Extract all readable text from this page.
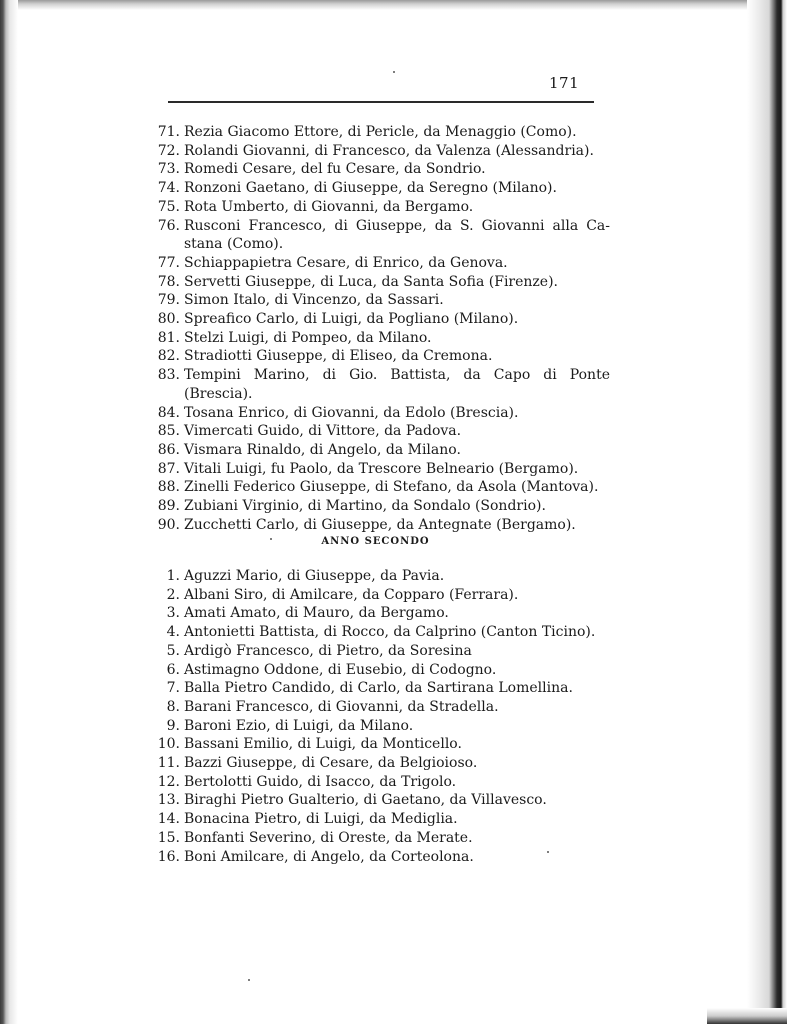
171
71. Rezia Giacomo Ettore, di Pericle, da Menaggio (Como).
72. Rolandi Giovanni, di Francesco, da Valenza (Alessandria).
73. Romedi Cesare, del fu Cesare, da Sondrio.
74. Ronzoni Gaetano, di Giuseppe, da Seregno (Milano).
75. Rota Umberto, di Giovanni, da Bergamo.
76. Rusconi Francesco, di Giuseppe, da S. Giovanni alla Ca- stana (Como).
77. Schiappapietra Cesare, di Enrico, da Genova.
78. Servetti Giuseppe, di Luca, da Santa Sofia (Firenze).
79. Simon Italo, di Vincenzo, da Sassari.
80. Spreafico Carlo, di Luigi, da Pogliano (Milano).
81. Stelzi Luigi, di Pompeo, da Milano.
82. Stradiotti Giuseppe, di Eliseo, da Cremona.
83. Tempini Marino, di Gio. Battista, da Capo di Ponte (Brescia).
84. Tosana Enrico, di Giovanni, da Edolo (Brescia).
85. Vimercati Guido, di Vittore, da Padova.
86. Vismara Rinaldo, di Angelo, da Milano.
87. Vitali Luigi, fu Paolo, da Trescore Belneario (Bergamo).
88. Zinelli Federico Giuseppe, di Stefano, da Asola (Mantova).
89. Zubiani Virginio, di Martino, da Sondalo (Sondrio).
90. Zucchetti Carlo, di Giuseppe, da Antegnate (Bergamo).
ANNO SECONDO
1. Aguzzi Mario, di Giuseppe, da Pavia.
2. Albani Siro, di Amilcare, da Copparo (Ferrara).
3. Amati Amato, di Mauro, da Bergamo.
4. Antonietti Battista, di Rocco, da Calprino (Canton Ticino).
5. Ardigò Francesco, di Pietro, da Soresina
6. Astimagno Oddone, di Eusebio, di Codogno.
7. Balla Pietro Candido, di Carlo, da Sartirana Lomellina.
8. Barani Francesco, di Giovanni, da Stradella.
9. Baroni Ezio, di Luigi, da Milano.
10. Bassani Emilio, di Luigi, da Monticello.
11. Bazzi Giuseppe, di Cesare, da Belgioioso.
12. Bertolotti Guido, di Isacco, da Trigolo.
13. Biraghi Pietro Gualterio, di Gaetano, da Villavesco.
14. Bonacina Pietro, di Luigi, da Mediglia.
15. Bonfanti Severino, di Oreste, da Merate.
16. Boni Amilcare, di Angelo, da Corteolona.
